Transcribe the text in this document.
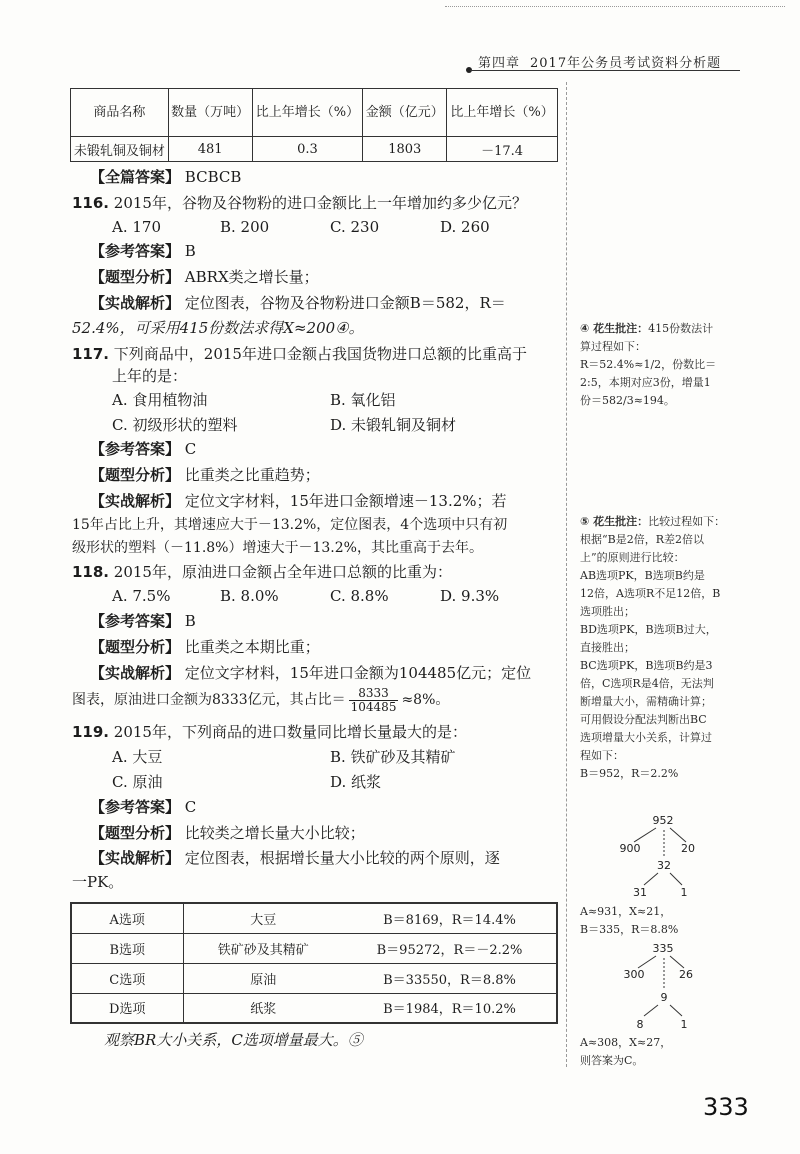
第四章 2017年公务员考试资料分析题
商品名称	数量（万吨）	比上年增长（%）	金额（亿元）	比上年增长（%）
未锻轧铜及铜材	481	0.3	1803	－17.4
【全篇答案】 BCBCB
116. 2015年，谷物及谷物粉的进口金额比上一年增加约多少亿元？
A. 170	B. 200	C. 230	D. 260
【参考答案】 B
【题型分析】 ABRX类之增长量；
【实战解析】 定位图表，谷物及谷物粉进口金额B＝582，R＝
52.4%，可采用415份数法求得X≈200④。
117. 下列商品中，2015年进口金额占我国货物进口总额的比重高于
上年的是：
A. 食用植物油	B. 氧化铝
C. 初级形状的塑料	D. 未锻轧铜及铜材
【参考答案】 C
【题型分析】 比重类之比重趋势；
【实战解析】 定位文字材料，15年进口金额增速－13.2%；若
15年占比上升，其增速应大于－13.2%，定位图表，4个选项中只有初
级形状的塑料（－11.8%）增速大于－13.2%，其比重高于去年。
118. 2015年，原油进口金额占全年进口总额的比重为：
A. 7.5%	B. 8.0%	C. 8.8%	D. 9.3%
【参考答案】 B
【题型分析】 比重类之本期比重；
【实战解析】 定位文字材料，15年进口金额为104485亿元；定位
图表，原油进口金额为8333亿元，其占比＝ $\frac{8333}{104485} \approx 8\%$。
119. 2015年，下列商品的进口数量同比增长量最大的是：
A. 大豆	B. 铁矿砂及其精矿
C. 原油	D. 纸浆
【参考答案】 C
【题型分析】 比较类之增长量大小比较；
【实战解析】 定位图表，根据增长量大小比较的两个原则，逐
一PK。
A选项	大豆	B＝8169，R＝14.4%
B选项	铁矿砂及其精矿	B＝95272，R＝－2.2%
C选项	原油	B＝33550，R＝8.8%
D选项	纸浆	B＝1984，R＝10.2%
观察BR大小关系，C选项增量最大。⑤
④ 花生批注：415份数法计
算过程如下：
R＝52.4%≈1/2，份数比＝
2:5，本期对应3份，增量1
份＝582/3≈194。
⑤ 花生批注：比较过程如下：
根据“B是2倍，R差2倍以
上”的原则进行比较：
AB选项PK，B选项B约是
12倍，A选项R不足12倍，B
选项胜出；
BD选项PK，B选项B过大，
直接胜出；
BC选项PK，B选项B约是3
倍，C选项R是4倍，无法判
断增量大小，需精确计算；
可用假设分配法判断出BC
选项增量大小关系，计算过
程如下：
B＝952，R＝2.2%
952
900	20
32
31	1
A≈931，X≈21，
B＝335，R＝8.8%
335
300	26
9
8	1
A≈308，X≈27，
则答案为C。
333
